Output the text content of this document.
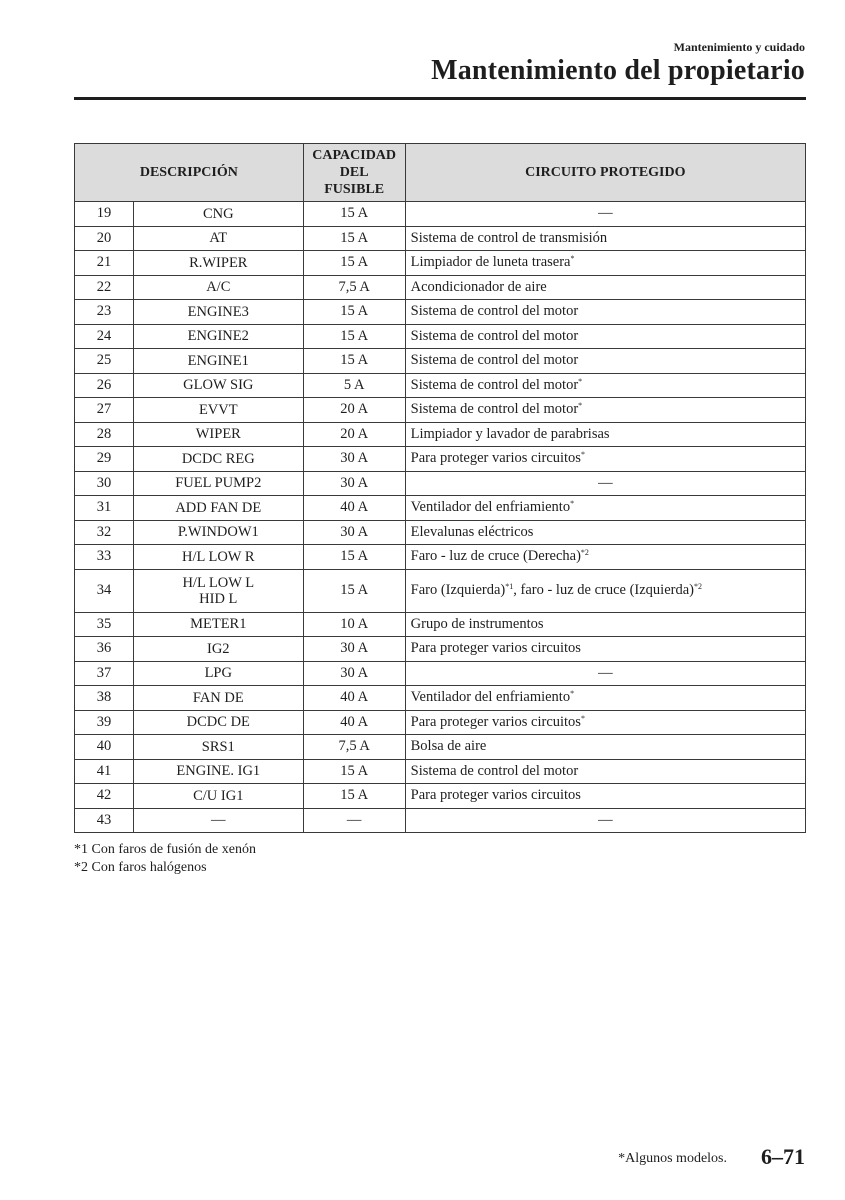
Mantenimiento y cuidado
Mantenimiento del propietario
DESCRIPCIÓN		CAPACIDAD
DEL
FUSIBLE	CIRCUITO PROTEGIDO
19	CNG	15 A	—
20	AT	15 A	Sistema de control de transmisión
21	R.WIPER	15 A	Limpiador de luneta trasera*
22	A/C	7,5 A	Acondicionador de aire
23	ENGINE3	15 A	Sistema de control del motor
24	ENGINE2	15 A	Sistema de control del motor
25	ENGINE1	15 A	Sistema de control del motor
26	GLOW SIG	5 A	Sistema de control del motor*
27	EVVT	20 A	Sistema de control del motor*
28	WIPER	20 A	Limpiador y lavador de parabrisas
29	DCDC REG	30 A	Para proteger varios circuitos*
30	FUEL PUMP2	30 A	—
31	ADD FAN DE	40 A	Ventilador del enfriamiento*
32	P.WINDOW1	30 A	Elevalunas eléctricos
33	H/L LOW R	15 A	Faro - luz de cruce (Derecha)$^{*2}$
34	H/L LOW L
HID L	15 A	Faro (Izquierda)$^{*1}$, faro - luz de cruce (Izquierda)$^{*2}$
35	METER1	10 A	Grupo de instrumentos
36	IG2	30 A	Para proteger varios circuitos
37	LPG	30 A	—
38	FAN DE	40 A	Ventilador del enfriamiento*
39	DCDC DE	40 A	Para proteger varios circuitos*
40	SRS1	7,5 A	Bolsa de aire
41	ENGINE. IG1	15 A	Sistema de control del motor
42	C/U IG1	15 A	Para proteger varios circuitos
43	—	—	—
*1 Con faros de fusión de xenón
*2 Con faros halógenos
*Algunos modelos. 6–71
